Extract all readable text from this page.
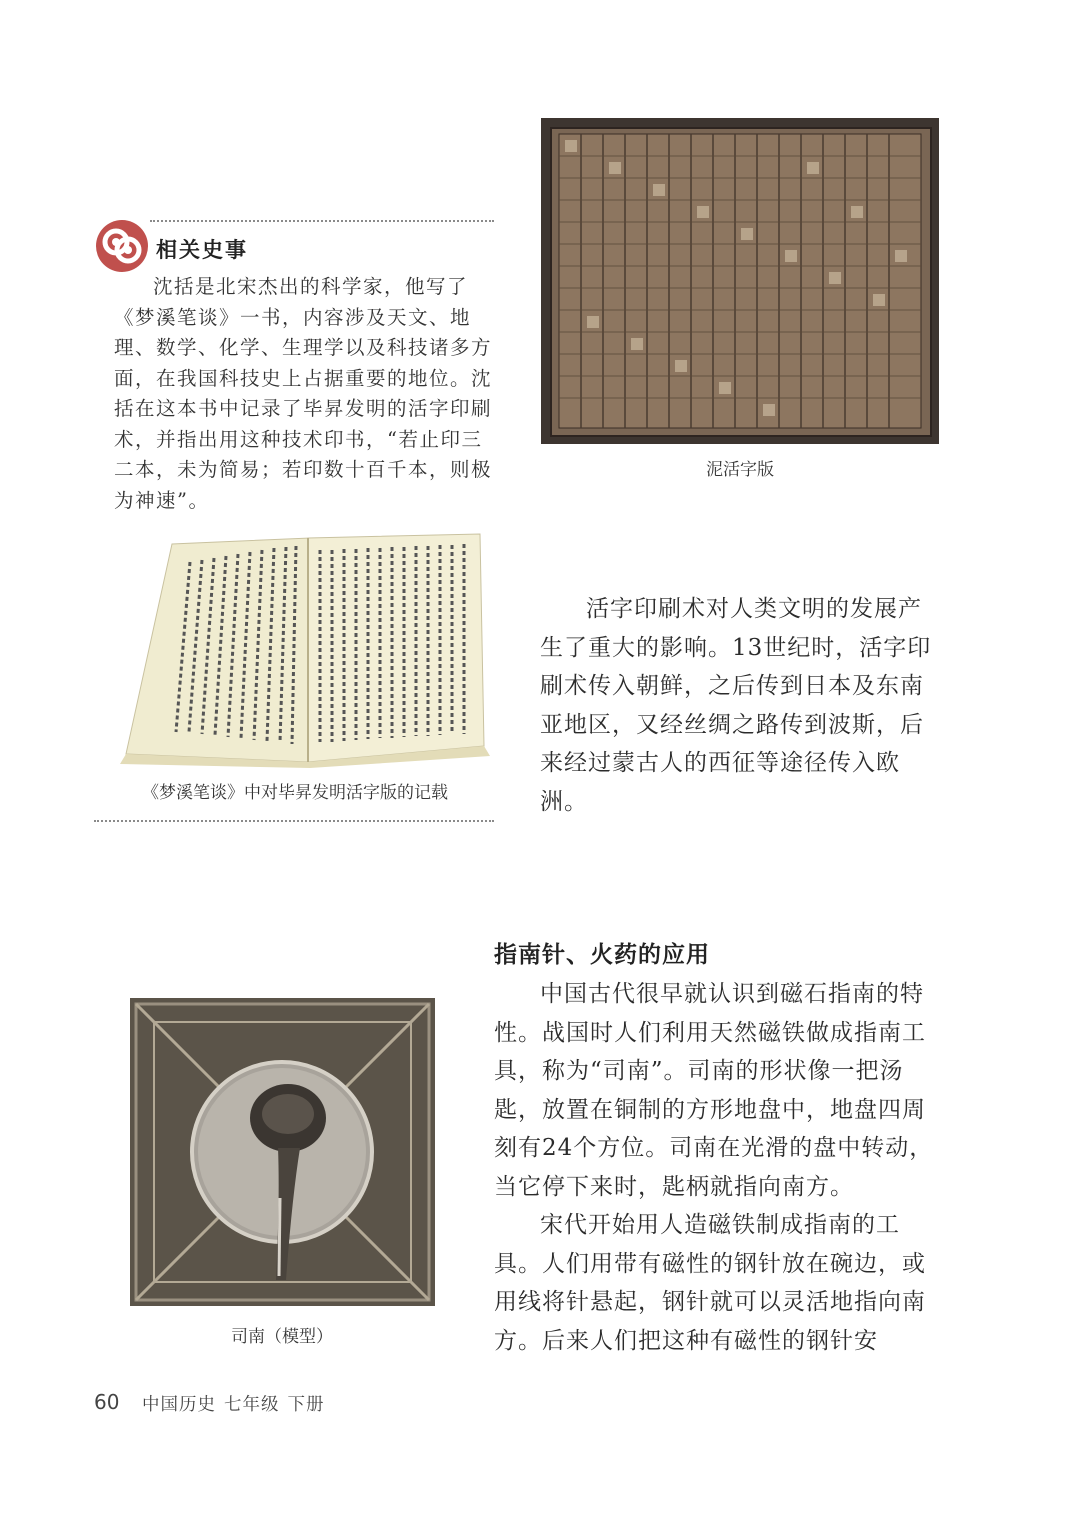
相关史事

沈括是北宋杰出的科学家，他写了《梦溪笔谈》一书，内容涉及天文、地理、数学、化学、生理学以及科技诸多方面，在我国科技史上占据重要的地位。沈括在这本书中记录了毕昇发明的活字印刷术，并指出用这种技术印书，“若止印三二本，未为简易；若印数十百千本，则极为神速”。

《梦溪笔谈》中对毕昇发明活字版的记载
泥活字版

活字印刷术对人类文明的发展产生了重大的影响。13世纪时，活字印刷术传入朝鲜，之后传到日本及东南亚地区，又经丝绸之路传到波斯，后来经过蒙古人的西征等途径传入欧洲。

指南针、火药的应用

中国古代很早就认识到磁石指南的特性。战国时人们利用天然磁铁做成指南工具，称为“司南”。司南的形状像一把汤匙，放置在铜制的方形地盘中，地盘四周刻有24个方位。司南在光滑的盘中转动，当它停下来时，匙柄就指向南方。

宋代开始用人造磁铁制成指南的工具。人们用带有磁性的钢针放在碗边，或用线将针悬起，钢针就可以灵活地指向南方。后来人们把这种有磁性的钢针安

司南（模型）
60 中国历史 七年级 下册
